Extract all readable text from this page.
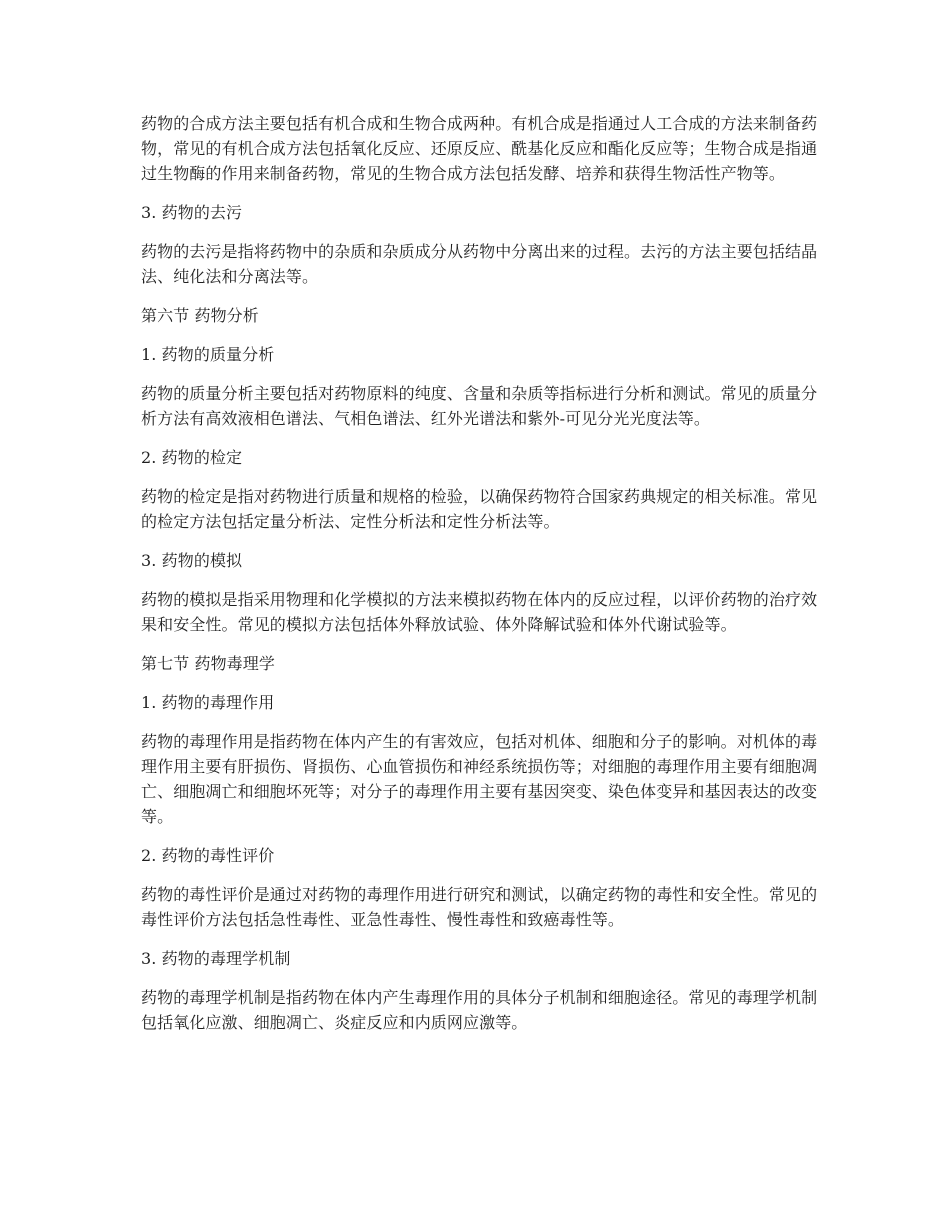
药物的合成方法主要包括有机合成和生物合成两种。有机合成是指通过人工合成的方法来制备药物，常见的有机合成方法包括氧化反应、还原反应、酰基化反应和酯化反应等；生物合成是指通过生物酶的作用来制备药物，常见的生物合成方法包括发酵、培养和获得生物活性产物等。

3. 药物的去污

药物的去污是指将药物中的杂质和杂质成分从药物中分离出来的过程。去污的方法主要包括结晶法、纯化法和分离法等。

第六节 药物分析

1. 药物的质量分析

药物的质量分析主要包括对药物原料的纯度、含量和杂质等指标进行分析和测试。常见的质量分析方法有高效液相色谱法、气相色谱法、红外光谱法和紫外-可见分光光度法等。

2. 药物的检定

药物的检定是指对药物进行质量和规格的检验，以确保药物符合国家药典规定的相关标准。常见的检定方法包括定量分析法、定性分析法和定性分析法等。

3. 药物的模拟

药物的模拟是指采用物理和化学模拟的方法来模拟药物在体内的反应过程，以评价药物的治疗效果和安全性。常见的模拟方法包括体外释放试验、体外降解试验和体外代谢试验等。

第七节 药物毒理学

1. 药物的毒理作用

药物的毒理作用是指药物在体内产生的有害效应，包括对机体、细胞和分子的影响。对机体的毒理作用主要有肝损伤、肾损伤、心血管损伤和神经系统损伤等；对细胞的毒理作用主要有细胞凋亡、细胞凋亡和细胞坏死等；对分子的毒理作用主要有基因突变、染色体变异和基因表达的改变等。

2. 药物的毒性评价

药物的毒性评价是通过对药物的毒理作用进行研究和测试，以确定药物的毒性和安全性。常见的毒性评价方法包括急性毒性、亚急性毒性、慢性毒性和致癌毒性等。

3. 药物的毒理学机制

药物的毒理学机制是指药物在体内产生毒理作用的具体分子机制和细胞途径。常见的毒理学机制包括氧化应激、细胞凋亡、炎症反应和内质网应激等。
